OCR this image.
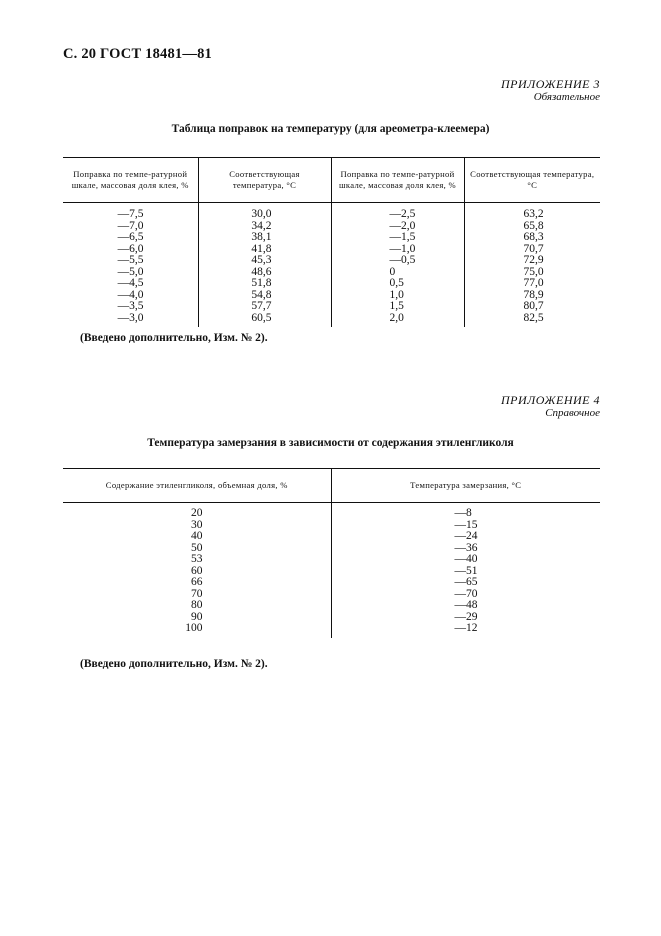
С. 20 ГОСТ 18481—81
ПРИЛОЖЕНИЕ 3
Обязательное
Таблица поправок на температуру (для ареометра-клеемера)
Поправка по темпе-ратурной шкале, массовая доля клея, %	Соответствующая температура, °С	Поправка по темпе-ратурной шкале, массовая доля клея, %	Соответствующая температура, °С
—7,5	30,0	—2,5	63,2
—7,0	34,2	—2,0	65,8
—6,5	38,1	—1,5	68,3
—6,0	41,8	—1,0	70,7
—5,5	45,3	—0,5	72,9
—5,0	48,6	0	75,0
—4,5	51,8	0,5	77,0
—4,0	54,8	1,0	78,9
—3,5	57,7	1,5	80,7
—3,0	60,5	2,0	82,5
(Введено дополнительно, Изм. № 2).
ПРИЛОЖЕНИЕ 4
Справочное
Температура замерзания в зависимости от содержания этиленгликоля
Содержание этиленгликоля, объемная доля, %	Температура замерзания, °С
20	—8
30	—15
40	—24
50	—36
53	—40
60	—51
66	—65
70	—70
80	—48
90	—29
100	—12
(Введено дополнительно, Изм. № 2).
